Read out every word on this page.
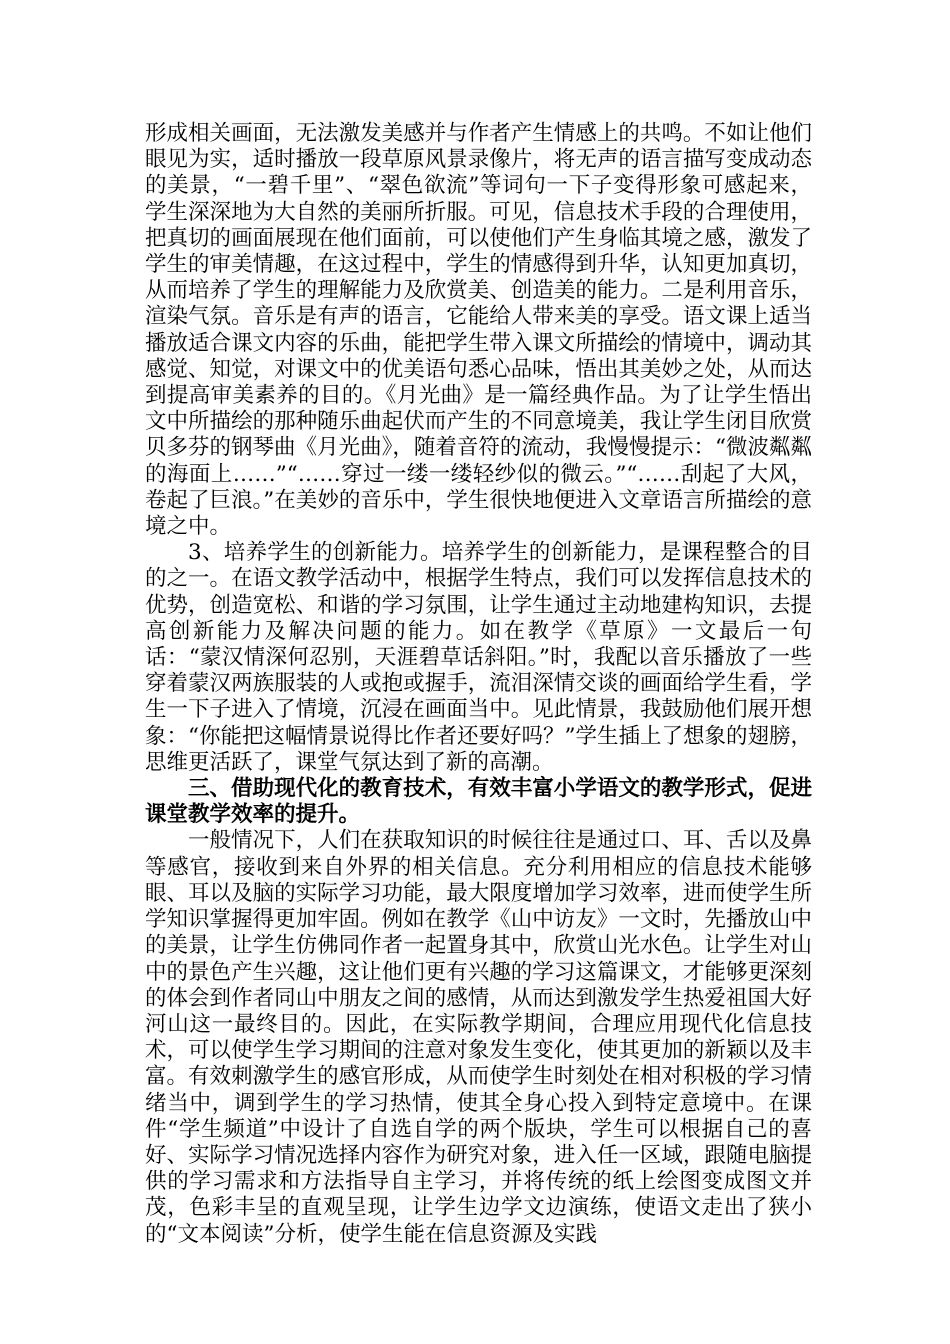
形成相关画面，无法激发美感并与作者产生情感上的共鸣。不如让他们眼见为实，适时播放一段草原风景录像片，将无声的语言描写变成动态的美景，“一碧千里”、“翠色欲流”等词句一下子变得形象可感起来，学生深深地为大自然的美丽所折服。可见，信息技术手段的合理使用，把真切的画面展现在他们面前，可以使他们产生身临其境之感，激发了学生的审美情趣，在这过程中，学生的情感得到升华，认知更加真切，从而培养了学生的理解能力及欣赏美、创造美的能力。二是利用音乐，渲染气氛。音乐是有声的语言，它能给人带来美的享受。语文课上适当播放适合课文内容的乐曲，能把学生带入课文所描绘的情境中，调动其感觉、知觉，对课文中的优美语句悉心品味，悟出其美妙之处，从而达到提高审美素养的目的。《月光曲》是一篇经典作品。为了让学生悟出文中所描绘的那种随乐曲起伏而产生的不同意境美，我让学生闭目欣赏贝多芬的钢琴曲《月光曲》，随着音符的流动，我慢慢提示：“微波粼粼的海面上……”“……穿过一缕一缕轻纱似的微云。”“……刮起了大风，卷起了巨浪。”在美妙的音乐中，学生很快地便进入文章语言所描绘的意境之中。

3、培养学生的创新能力。培养学生的创新能力，是课程整合的目的之一。在语文教学活动中，根据学生特点，我们可以发挥信息技术的优势，创造宽松、和谐的学习氛围，让学生通过主动地建构知识，去提高创新能力及解决问题的能力。如在教学《草原》一文最后一句话：“蒙汉情深何忍别，天涯碧草话斜阳。”时，我配以音乐播放了一些穿着蒙汉两族服装的人或抱或握手，流泪深情交谈的画面给学生看，学生一下子进入了情境，沉浸在画面当中。见此情景，我鼓励他们展开想象：“你能把这幅情景说得比作者还要好吗？”学生插上了想象的翅膀，思维更活跃了，课堂气氛达到了新的高潮。

三、借助现代化的教育技术，有效丰富小学语文的教学形式，促进课堂教学效率的提升。

一般情况下，人们在获取知识的时候往往是通过口、耳、舌以及鼻等感官，接收到来自外界的相关信息。充分利用相应的信息技术能够眼、耳以及脑的实际学习功能，最大限度增加学习效率，进而使学生所学知识掌握得更加牢固。例如在教学《山中访友》一文时，先播放山中的美景，让学生仿佛同作者一起置身其中，欣赏山光水色。让学生对山中的景色产生兴趣，这让他们更有兴趣的学习这篇课文，才能够更深刻的体会到作者同山中朋友之间的感情，从而达到激发学生热爱祖国大好河山这一最终目的。因此，在实际教学期间，合理应用现代化信息技术，可以使学生学习期间的注意对象发生变化，使其更加的新颖以及丰富。有效刺激学生的感官形成，从而使学生时刻处在相对积极的学习情绪当中，调到学生的学习热情，使其全身心投入到特定意境中。在课件“学生频道”中设计了自选自学的两个版块，学生可以根据自己的喜好、实际学习情况选择内容作为研究对象，进入任一区域，跟随电脑提供的学习需求和方法指导自主学习，并将传统的纸上绘图变成图文并茂，色彩丰呈的直观呈现，让学生边学文边演练，使语文走出了狭小的“文本阅读”分析，使学生能在信息资源及实践
